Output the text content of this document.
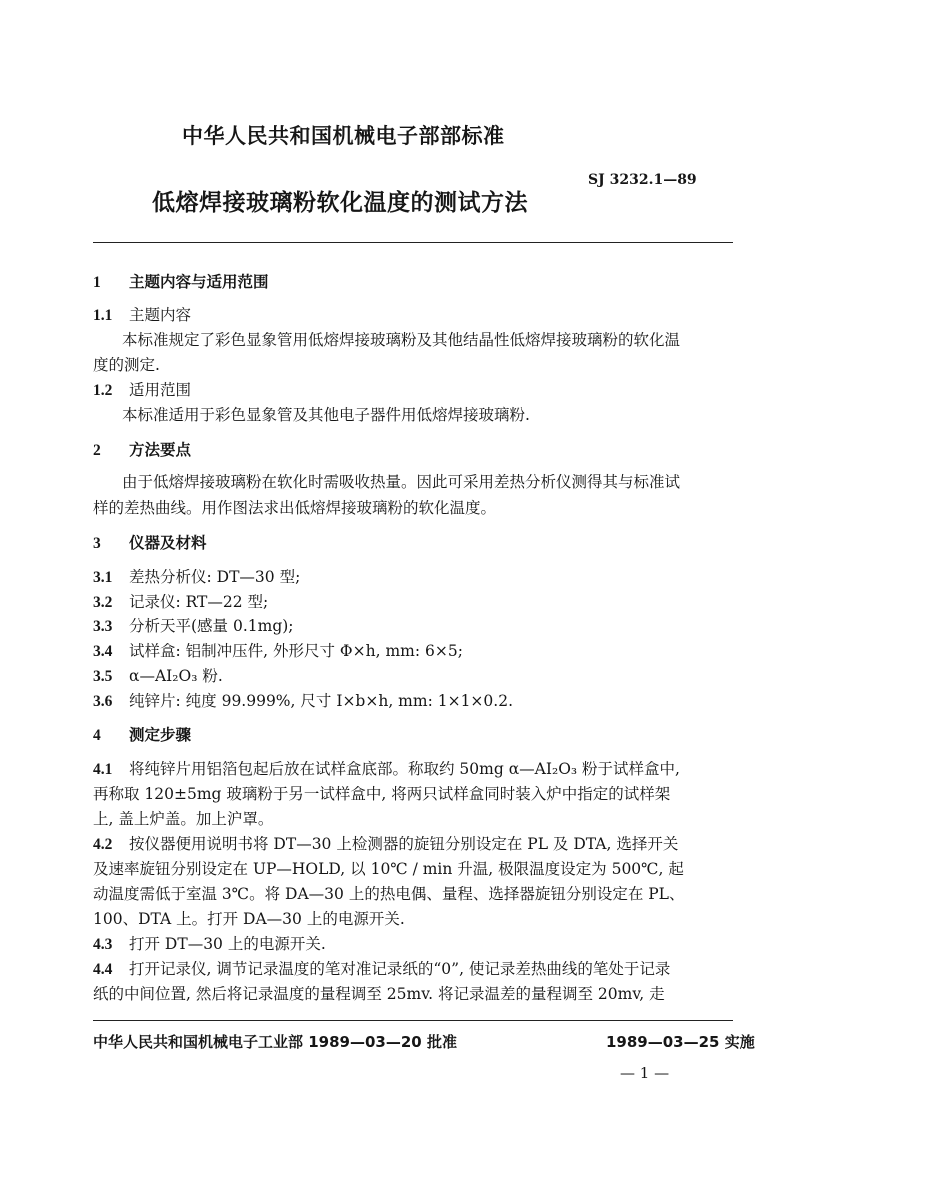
中华人民共和国机械电子部部标准
低熔焊接玻璃粉软化温度的测试方法
SJ 3232.1—89
1 主题内容与适用范围
1.1 主题内容
本标准规定了彩色显象管用低熔焊接玻璃粉及其他结晶性低熔焊接玻璃粉的软化温
度的测定.
1.2 适用范围
本标准适用于彩色显象管及其他电子器件用低熔焊接玻璃粉.
2 方法要点
由于低熔焊接玻璃粉在软化时需吸收热量。因此可采用差热分析仪测得其与标准试
样的差热曲线。用作图法求出低熔焊接玻璃粉的软化温度。
3 仪器及材料
3.1 差热分析仪: DT—30 型;
3.2 记录仪: RT—22 型;
3.3 分析天平(感量 0.1mg);
3.4 试样盒: 铝制冲压件, 外形尺寸 Φ×h, mm: 6×5;
3.5 α—AI₂O₃ 粉.
3.6 纯锌片: 纯度 99.999%, 尺寸 I×b×h, mm: 1×1×0.2.
4 测定步骤
4.1 将纯锌片用铝箔包起后放在试样盒底部。称取约 50mg α—AI₂O₃ 粉于试样盒中,
再称取 120±5mg 玻璃粉于另一试样盒中, 将两只试样盒同时装入炉中指定的试样架
上, 盖上炉盖。加上沪罩。
4.2 按仪器便用说明书将 DT—30 上检测器的旋钮分别设定在 PL 及 DTA, 选择开关
及速率旋钮分别设定在 UP—HOLD, 以 10℃ / min 升温, 极限温度设定为 500℃, 起
动温度需低于室温 3℃。将 DA—30 上的热电偶、量程、选择器旋钮分别设定在 PL、
100、DTA 上。打开 DA—30 上的电源开关.
4.3 打开 DT—30 上的电源开关.
4.4 打开记录仪, 调节记录温度的笔对准记录纸的“0”, 使记录差热曲线的笔处于记录
纸的中间位置, 然后将记录温度的量程调至 25mv. 将记录温差的量程调至 20mv, 走
中华人民共和国机械电子工业部 1989—03—20 批准	1989—03—25 实施
— 1 —
